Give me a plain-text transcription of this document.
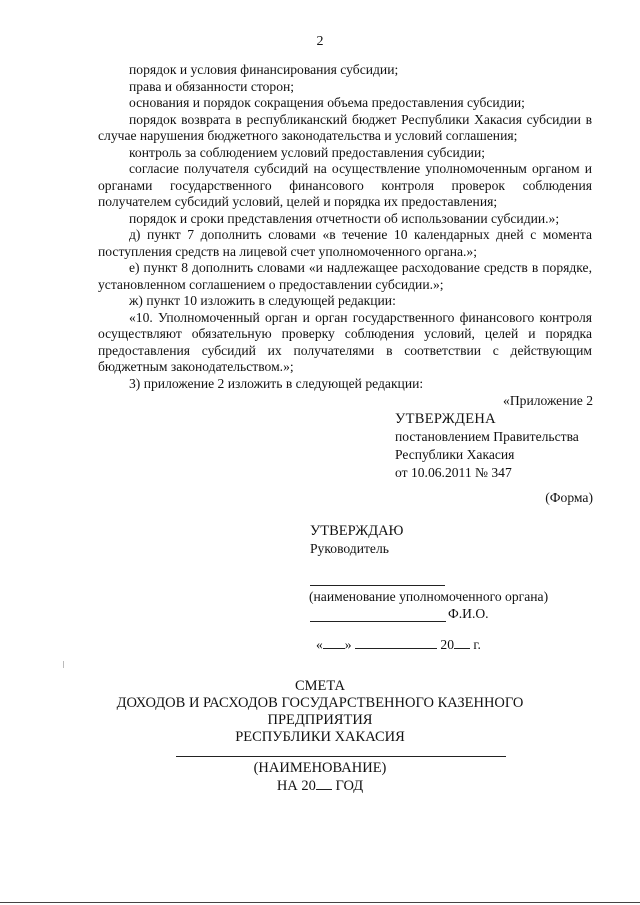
2

порядок и условия финансирования субсидии;

права и обязанности сторон;

основания и порядок сокращения объема предоставления субсидии;

порядок возврата в республиканский бюджет Республики Хакасия субсидии в случае нарушения бюджетного законодательства и условий соглашения;

контроль за соблюдением условий предоставления субсидии;

согласие получателя субсидий на осуществление уполномоченным органом и органами государственного финансового контроля проверок соблюдения получателем субсидий условий, целей и порядка их предоставления;

порядок и сроки представления отчетности об использовании субсидии.»;

д) пункт 7 дополнить словами «в течение 10 календарных дней с момента поступления средств на лицевой счет уполномоченного органа.»;

е) пункт 8 дополнить словами «и надлежащее расходование средств в порядке, установленном соглашением о предоставлении субсидии.»;

ж) пункт 10 изложить в следующей редакции:

«10. Уполномоченный орган и орган государственного финансового контроля осуществляют обязательную проверку соблюдения условий, целей и порядка предоставления субсидий их получателями в соответствии с действующим бюджетным законодательством.»;

3) приложение 2 изложить в следующей редакции:

«Приложение 2
УТВЕРЖДЕНА
постановлением Правительства
Республики Хакасия
от 10.06.2011 № 347
(Форма)
УТВЕРЖДАЮ
Руководитель
(наименование уполномоченного органа)
Ф.И.О.
« »	20 г.
СМЕТА
ДОХОДОВ И РАСХОДОВ ГОСУДАРСТВЕННОГО КАЗЕННОГО
ПРЕДПРИЯТИЯ
РЕСПУБЛИКИ ХАКАСИЯ
(НАИМЕНОВАНИЕ)
НА 20 ГОД
